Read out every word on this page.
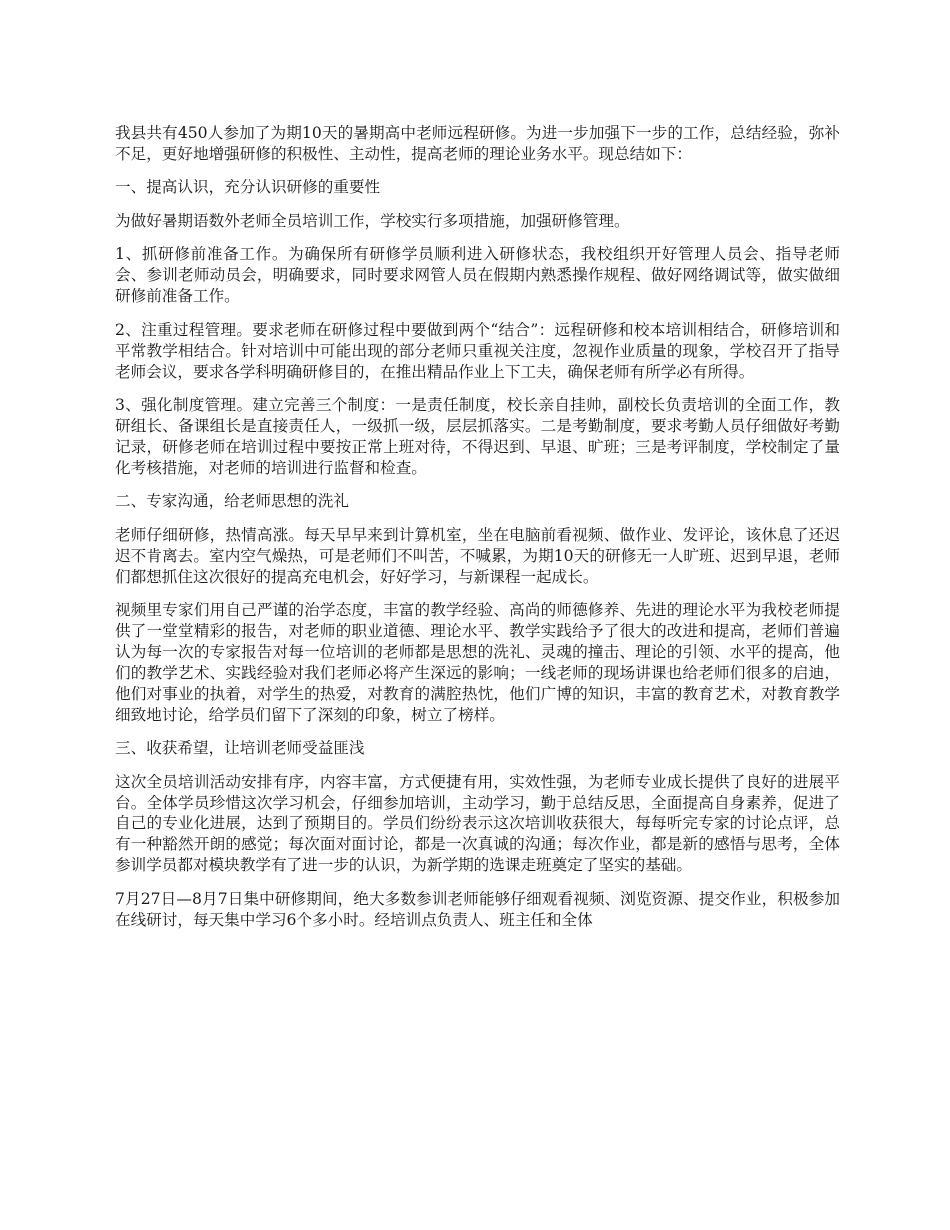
我县共有450人参加了为期10天的暑期高中老师远程研修。为进一步加强下一步的工作，总结经验，弥补不足，更好地增强研修的积极性、主动性，提高老师的理论业务水平。现总结如下：

一、提高认识，充分认识研修的重要性

为做好暑期语数外老师全员培训工作，学校实行多项措施，加强研修管理。

1、抓研修前准备工作。为确保所有研修学员顺利进入研修状态，我校组织开好管理人员会、指导老师会、参训老师动员会，明确要求，同时要求网管人员在假期内熟悉操作规程、做好网络调试等，做实做细研修前准备工作。

2、注重过程管理。要求老师在研修过程中要做到两个“结合”：远程研修和校本培训相结合，研修培训和平常教学相结合。针对培训中可能出现的部分老师只重视关注度，忽视作业质量的现象，学校召开了指导老师会议，要求各学科明确研修目的，在推出精品作业上下工夫，确保老师有所学必有所得。

3、强化制度管理。建立完善三个制度：一是责任制度，校长亲自挂帅，副校长负责培训的全面工作，教研组长、备课组长是直接责任人，一级抓一级，层层抓落实。二是考勤制度，要求考勤人员仔细做好考勤记录，研修老师在培训过程中要按正常上班对待，不得迟到、早退、旷班；三是考评制度，学校制定了量化考核措施，对老师的培训进行监督和检查。

二、专家沟通，给老师思想的洗礼

老师仔细研修，热情高涨。每天早早来到计算机室，坐在电脑前看视频、做作业、发评论，该休息了还迟迟不肯离去。室内空气燥热，可是老师们不叫苦，不喊累，为期10天的研修无一人旷班、迟到早退，老师们都想抓住这次很好的提高充电机会，好好学习，与新课程一起成长。

视频里专家们用自己严谨的治学态度，丰富的教学经验、高尚的师德修养、先进的理论水平为我校老师提供了一堂堂精彩的报告，对老师的职业道德、理论水平、教学实践给予了很大的改进和提高，老师们普遍认为每一次的专家报告对每一位培训的老师都是思想的洗礼、灵魂的撞击、理论的引领、水平的提高，他们的教学艺术、实践经验对我们老师必将产生深远的影响；一线老师的现场讲课也给老师们很多的启迪，他们对事业的执着，对学生的热爱，对教育的满腔热忱，他们广博的知识，丰富的教育艺术，对教育教学细致地讨论，给学员们留下了深刻的印象，树立了榜样。

三、收获希望，让培训老师受益匪浅

这次全员培训活动安排有序，内容丰富，方式便捷有用，实效性强，为老师专业成长提供了良好的进展平台。全体学员珍惜这次学习机会，仔细参加培训，主动学习，勤于总结反思，全面提高自身素养，促进了自己的专业化进展，达到了预期目的。学员们纷纷表示这次培训收获很大，每每听完专家的讨论点评，总有一种豁然开朗的感觉；每次面对面讨论，都是一次真诚的沟通；每次作业，都是新的感悟与思考，全体参训学员都对模块教学有了进一步的认识，为新学期的选课走班奠定了坚实的基础。

7月27日—8月7日集中研修期间，绝大多数参训老师能够仔细观看视频、浏览资源、提交作业，积极参加在线研讨，每天集中学习6个多小时。经培训点负责人、班主任和全体
